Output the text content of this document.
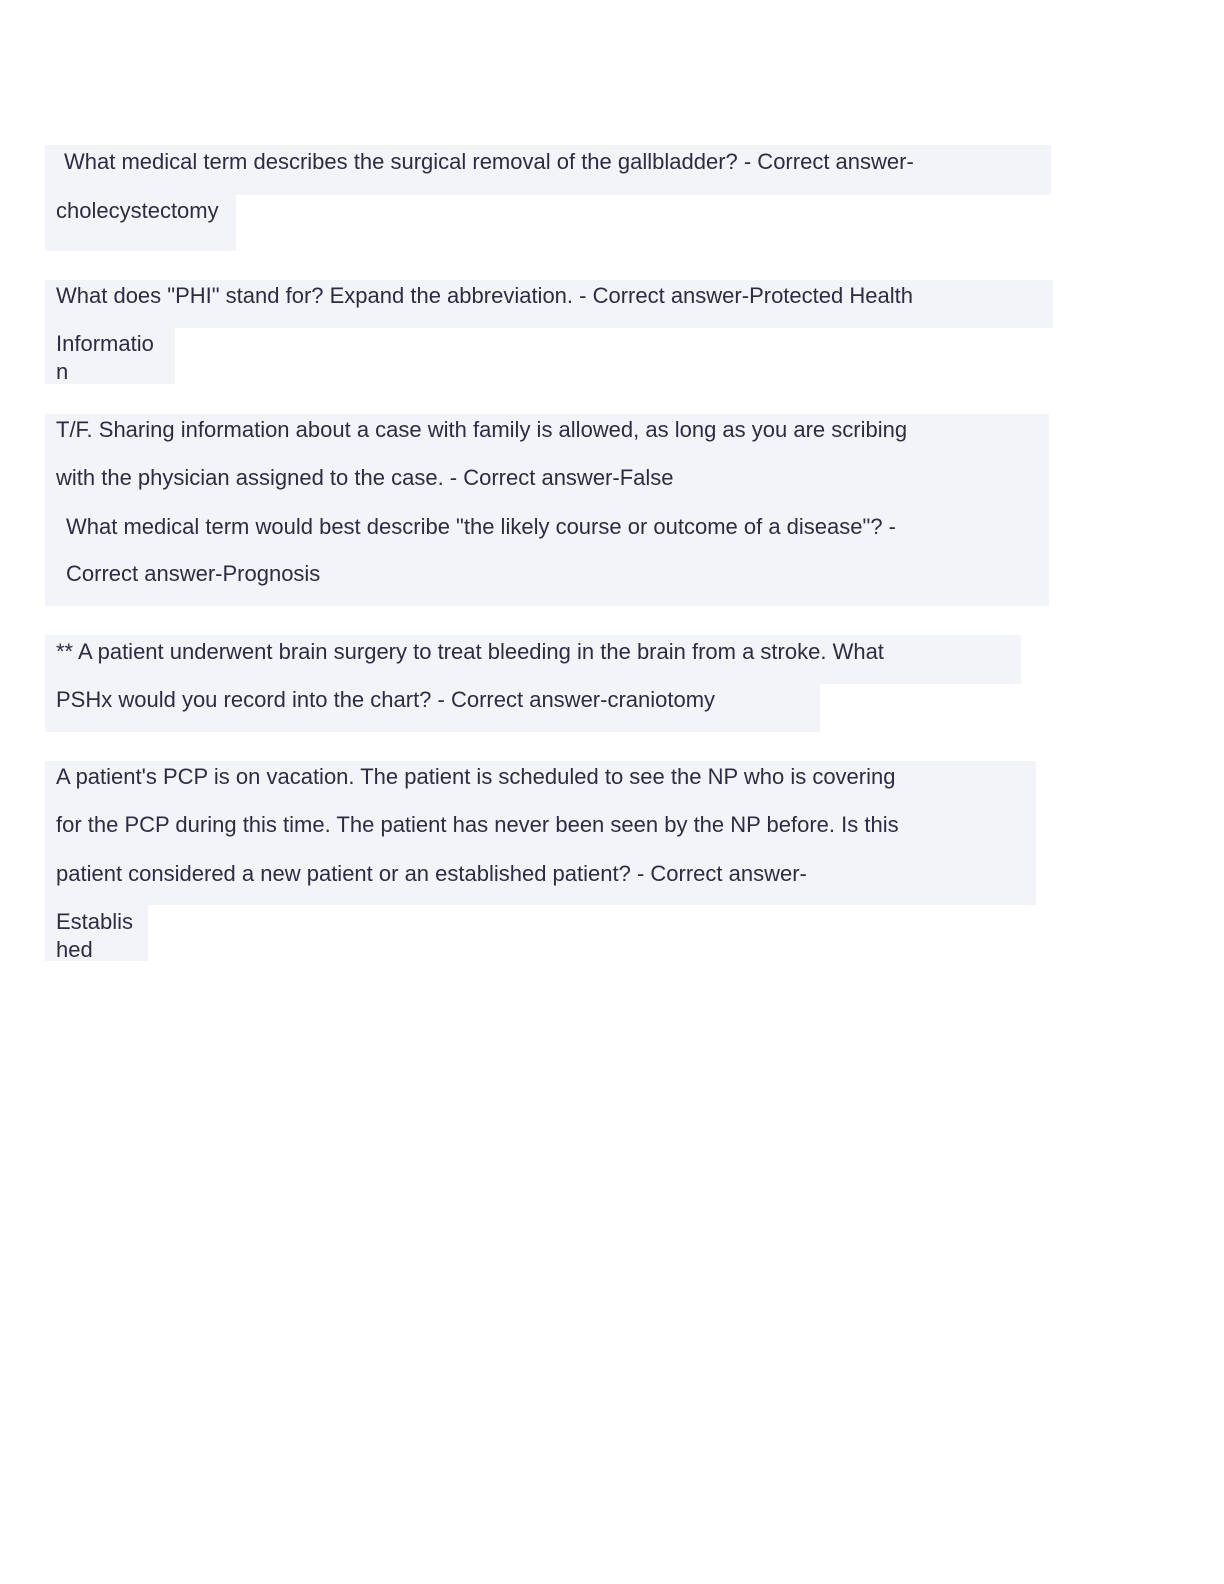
What medical term describes the surgical removal of the gallbladder? - Correct answer-
cholecystectomy
What does "PHI" stand for? Expand the abbreviation. - Correct answer-Protected Health
Information
T/F. Sharing information about a case with family is allowed, as long as you are scribing
with the physician assigned to the case. - Correct answer-False
What medical term would best describe "the likely course or outcome of a disease"? -
Correct answer-Prognosis
** A patient underwent brain surgery to treat bleeding in the brain from a stroke. What
PSHx would you record into the chart? - Correct answer-craniotomy
A patient's PCP is on vacation. The patient is scheduled to see the NP who is covering
for the PCP during this time. The patient has never been seen by the NP before. Is this
patient considered a new patient or an established patient? - Correct answer-
Established
